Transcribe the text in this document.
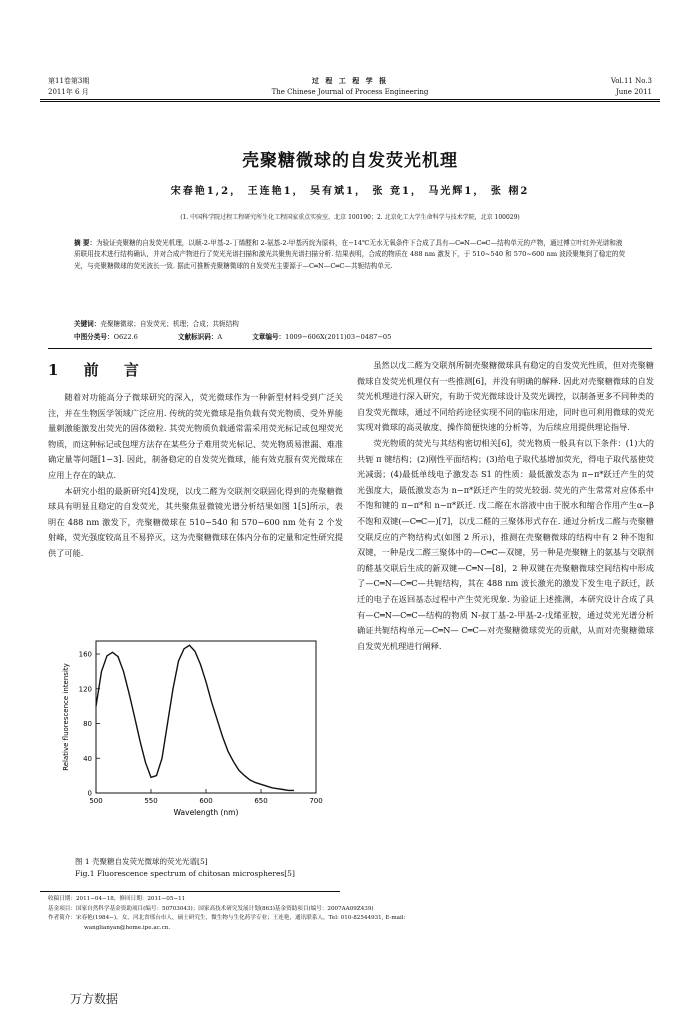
第11卷第3期
2011年 6 月
过 程 工 程 学 报
The Chinese Journal of Process Engineering
Vol.11 No.3
June 2011
壳聚糖微球的自发荧光机理
宋春艳1,2， 王连艳1， 吴有斌1， 张 竞1， 马光辉1， 张 栩2
(1. 中国科学院过程工程研究所生化工程国家重点实验室，北京 100190；2. 北京化工大学生命科学与技术学院，北京 100029)
摘 要：为验证壳聚糖的自发荧光机理，以顺-2-甲基-2-丁烯醛和 2-氨基-2-甲基丙烷为原料，在−14℃无水无氧条件下合成了具有—C═N—C═C—结构单元的产物，通过傅立叶红外光谱和液质联用技术进行结构确认，并对合成产物进行了荧光光谱扫描和激光共聚焦光谱扫描分析. 结果表明，合成的物质在 488 nm 激发下，于 510~540 和 570~600 nm 波段聚集到了稳定的荧光，与壳聚糖微球的荧光波长一致. 据此可推断壳聚糖微球的自发荧光主要源于—C═N—C═C—共轭结构单元.
关键词：壳聚糖微球；自发荧光；机理；合成；共轭结构
中图分类号：O622.6	文献标识码：A	文章编号：1009−606X(2011)03−0487−05
1 前 言

随着对功能高分子微球研究的深入，荧光微球作为一种新型材料受到广泛关注，并在生物医学领域广泛应用. 传统的荧光微球是指负载有荧光物质、受外界能量刺激能激发出荧光的固体微粒. 其荧光物质负载通常需采用荧光标记或包埋荧光物质，而这种标记或包埋方法存在某些分子难用荧光标记、荧光物质易泄漏、难准确定量等问题[1−3]. 因此，制备稳定的自发荧光微球，能有效克服有荧光微球在应用上存在的缺点.

本研究小组的最新研究[4]发现，以戊二醛为交联剂交联固化得到的壳聚糖微球具有明显且稳定的自发荧光，其共聚焦显微镜光谱分析结果如图 1[5]所示，表明在 488 nm 激发下，壳聚糖微球在 510~540 和 570~600 nm 处有 2 个发射峰，荧光强度较高且不易猝灭，这为壳聚糖微球在体内分布的定量和定性研究提供了可能.

虽然以戊二醛为交联剂所制壳聚糖微球具有稳定的自发荧光性质，但对壳聚糖微球自发荧光机理仅有一些推测[6]，并没有明确的解释. 因此对壳聚糖微球的自发荧光机理进行深入研究，有助于荧光微球设计及荧光调控，以制备更多不同种类的自发荧光微球，通过不同给药途径实现不同的临床用途，同时也可利用微球的荧光实现对微球的高灵敏度、操作简便快速的分析等，为后续应用提供理论指导.

荧光物质的荧光与其结构密切相关[6]，荧光物质一般具有以下条件：(1)大的共轭 π 键结构；(2)刚性平面结构；(3)给电子取代基增加荧光，得电子取代基使荧光减弱；(4)最低单线电子激发态 S1 的性质：最低激发态为 π−π*跃迁产生的荧光强度大，最低激发态为 n−π*跃迁产生的荧光较弱. 荧光的产生常常对应体系中不饱和键的 π−π*和 n−π*跃迁. 戊二醛在水溶液中由于脱水和缩合作用产生α−β不饱和双键(—C═C—)[7]，以戊二醛的三聚体形式存在. 通过分析戊二醛与壳聚糖交联反应的产物结构式(如图 2 所示)，推测在壳聚糖微球的结构中有 2 种不饱和双键，一种是戊二醛三聚体中的—C═C—双键，另一种是壳聚糖上的氨基与交联剂的醛基交联后生成的新双键—C═N—[8]，2 种双键在壳聚糖微球空间结构中形成了—C═N—C═C—共轭结构，其在 488 nm 波长激光的激发下发生电子跃迁，跃迁的电子在返回基态过程中产生荧光现象. 为验证上述推测，本研究设计合成了具有—C═N—C═C—结构的物质 N-叔丁基-2-甲基-2-戊烯亚胺，通过荧光光谱分析确证共轭结构单元—C═N— C═C—对壳聚糖微球荧光的贡献，从而对壳聚糖微球自发荧光机理进行阐释.

500	550	600	650	700
0
40
80
120
160
Wavelength (nm)
Relative fluorescence intensity
图 1 壳聚糖自发荧光微球的荧光光谱[5]
Fig.1 Fluorescence spectrum of chitosan microspheres[5]
收稿日期：2011−04−18，修回日期：2011−05−11
基金项目：国家自然科学基金资助项目(编号：50703043)；国家高技术研究发展计划(863)基金资助项目(编号：2007AA09Z439)
作者简介：宋春艳(1984−)，女，河北省邢台市人，硕士研究生，微生物与生化药学专业；王连艳，通讯联系人，Tel: 010-82544931, E-mail:
wanglianyan@home.ipe.ac.cn.
万方数据
